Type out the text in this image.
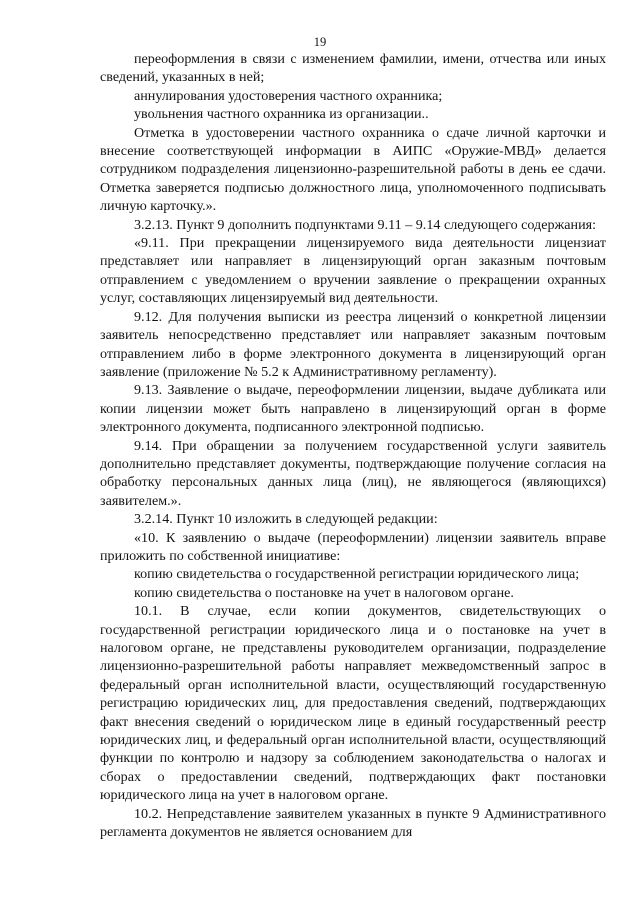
19

переоформления в связи с изменением фамилии, имени, отчества или иных сведений, указанных в ней;

аннулирования удостоверения частного охранника;

увольнения частного охранника из организации..

Отметка в удостоверении частного охранника о сдаче личной карточки и внесение соответствующей информации в АИПС «Оружие-МВД» делается сотрудником подразделения лицензионно-разрешительной работы в день ее сдачи. Отметка заверяется подписью должностного лица, уполномоченного подписывать личную карточку.».

3.2.13. Пункт 9 дополнить подпунктами 9.11 – 9.14 следующего содержания:

«9.11. При прекращении лицензируемого вида деятельности лицензиат представляет или направляет в лицензирующий орган заказным почтовым отправлением с уведомлением о вручении заявление о прекращении охранных услуг, составляющих лицензируемый вид деятельности.

9.12. Для получения выписки из реестра лицензий о конкретной лицензии заявитель непосредственно представляет или направляет заказным почтовым отправлением либо в форме электронного документа в лицензирующий орган заявление (приложение № 5.2 к Административному регламенту).

9.13. Заявление о выдаче, переоформлении лицензии, выдаче дубликата или копии лицензии может быть направлено в лицензирующий орган в форме электронного документа, подписанного электронной подписью.

9.14. При обращении за получением государственной услуги заявитель дополнительно представляет документы, подтверждающие получение согласия на обработку персональных данных лица (лиц), не являющегося (являющихся) заявителем.».

3.2.14. Пункт 10 изложить в следующей редакции:

«10. К заявлению о выдаче (переоформлении) лицензии заявитель вправе приложить по собственной инициативе:

копию свидетельства о государственной регистрации юридического лица;

копию свидетельства о постановке на учет в налоговом органе.

10.1. В случае, если копии документов, свидетельствующих о государственной регистрации юридического лица и о постановке на учет в налоговом органе, не представлены руководителем организации, подразделение лицензионно-разрешительной работы направляет межведомственный запрос в федеральный орган исполнительной власти, осуществляющий государственную регистрацию юридических лиц, для предоставления сведений, подтверждающих факт внесения сведений о юридическом лице в единый государственный реестр юридических лиц, и федеральный орган исполнительной власти, осуществляющий функции по контролю и надзору за соблюдением законодательства о налогах и сборах о предоставлении сведений, подтверждающих факт постановки юридического лица на учет в налоговом органе.

10.2. Непредставление заявителем указанных в пункте 9 Административного регламента документов не является основанием для
